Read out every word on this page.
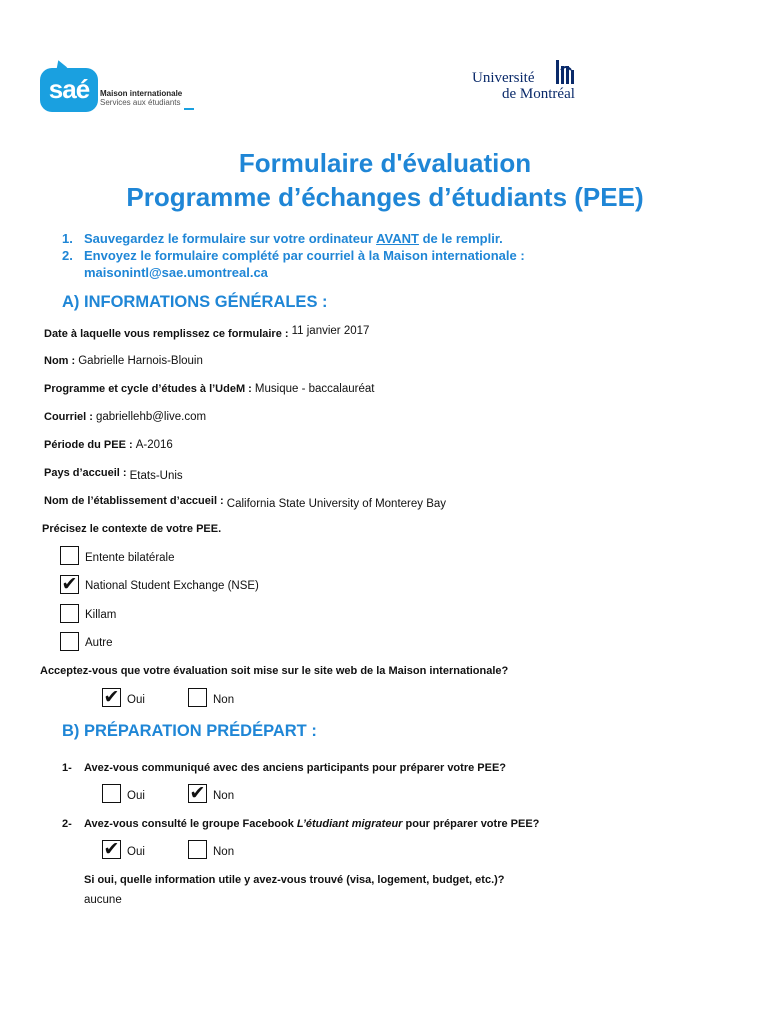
saé	Maison internationale
Services aux étudiants
Université
de Montréal
Formulaire d'évaluation
Programme d’échanges d’étudiants (PEE)
1. Sauvegardez le formulaire sur votre ordinateur AVANT de le remplir.
2. Envoyez le formulaire complété par courriel à la Maison internationale :
maisonintl@sae.umontreal.ca
A) INFORMATIONS GÉNÉRALES :
Date à laquelle vous remplissez ce formulaire : 11 janvier 2017
Nom : Gabrielle Harnois-Blouin
Programme et cycle d’études à l’UdeM : Musique - baccalauréat
Courriel : gabriellehb@live.com
Période du PEE : A-2016
Pays d’accueil : Etats-Unis
Nom de l’établissement d’accueil : California State University of Monterey Bay
Précisez le contexte de votre PEE.
Entente bilatérale
✔ National Student Exchange (NSE)
Killam
Autre
Acceptez-vous que votre évaluation soit mise sur le site web de la Maison internationale?
✔ Oui	Non
B) PRÉPARATION PRÉDÉPART :
1- Avez-vous communiqué avec des anciens participants pour préparer votre PEE?
Oui ✔ Non
2- Avez-vous consulté le groupe Facebook L’étudiant migrateur pour préparer votre PEE?
✔ Oui	Non
Si oui, quelle information utile y avez-vous trouvé (visa, logement, budget, etc.)?
aucune
